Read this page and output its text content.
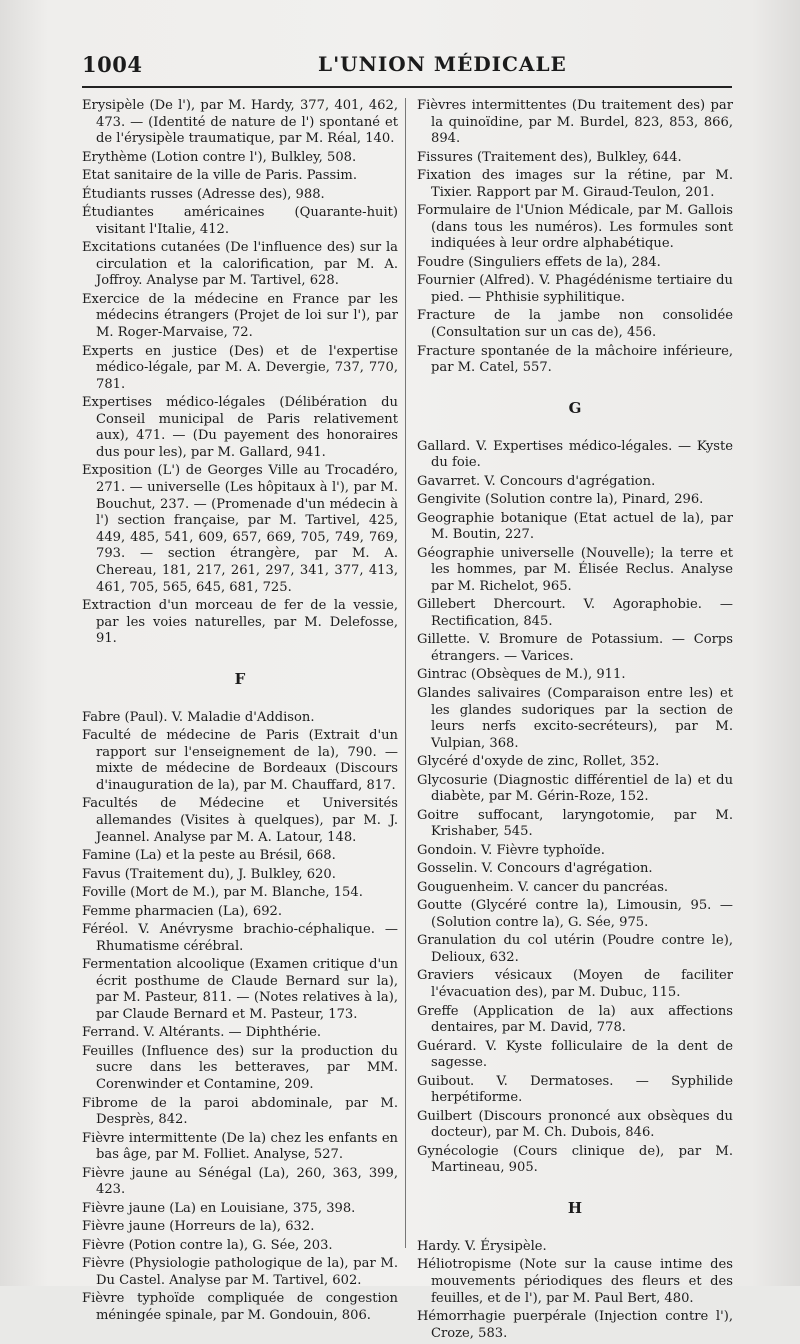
1004	L'UNION MÉDICALE
Erysipèle (De l'), par M. Hardy, 377, 401, 462, 473. — (Identité de nature de l') spontané et de l'érysipèle traumatique, par M. Réal, 140.
Erythème (Lotion contre l'), Bulkley, 508.
Etat sanitaire de la ville de Paris. Passim.
Étudiants russes (Adresse des), 988.
Étudiantes américaines (Quarante-huit) visitant l'Italie, 412.
Excitations cutanées (De l'influence des) sur la circulation et la calorification, par M. A. Joffroy. Analyse par M. Tartivel, 628.
Exercice de la médecine en France par les médecins étrangers (Projet de loi sur l'), par M. Roger-Marvaise, 72.
Experts en justice (Des) et de l'expertise médico-légale, par M. A. Devergie, 737, 770, 781.
Expertises médico-légales (Délibération du Conseil municipal de Paris relativement aux), 471. — (Du payement des honoraires dus pour les), par M. Gallard, 941.
Exposition (L') de Georges Ville au Trocadéro, 271. — universelle (Les hôpitaux à l'), par M. Bouchut, 237. — (Promenade d'un médecin à l') section française, par M. Tartivel, 425, 449, 485, 541, 609, 657, 669, 705, 749, 769, 793. — section étrangère, par M. A. Chereau, 181, 217, 261, 297, 341, 377, 413, 461, 705, 565, 645, 681, 725.
Extraction d'un morceau de fer de la vessie, par les voies naturelles, par M. Delefosse, 91.
F
Fabre (Paul). V. Maladie d'Addison.
Faculté de médecine de Paris (Extrait d'un rapport sur l'enseignement de la), 790. — mixte de médecine de Bordeaux (Discours d'inauguration de la), par M. Chauffard, 817.
Facultés de Médecine et Universités allemandes (Visites à quelques), par M. J. Jeannel. Analyse par M. A. Latour, 148.
Famine (La) et la peste au Brésil, 668.
Favus (Traitement du), J. Bulkley, 620.
Foville (Mort de M.), par M. Blanche, 154.
Femme pharmacien (La), 692.
Féréol. V. Anévrysme brachio-céphalique. — Rhumatisme cérébral.
Fermentation alcoolique (Examen critique d'un écrit posthume de Claude Bernard sur la), par M. Pasteur, 811. — (Notes relatives à la), par Claude Bernard et M. Pasteur, 173.
Ferrand. V. Altérants. — Diphthérie.
Feuilles (Influence des) sur la production du sucre dans les betteraves, par MM. Corenwinder et Contamine, 209.
Fibrome de la paroi abdominale, par M. Desprès, 842.
Fièvre intermittente (De la) chez les enfants en bas âge, par M. Folliet. Analyse, 527.
Fièvre jaune au Sénégal (La), 260, 363, 399, 423.
Fièvre jaune (La) en Louisiane, 375, 398.
Fièvre jaune (Horreurs de la), 632.
Fièvre (Potion contre la), G. Sée, 203.
Fièvre (Physiologie pathologique de la), par M. Du Castel. Analyse par M. Tartivel, 602.
Fièvre typhoïde compliquée de congestion méningée spinale, par M. Gondouin, 806.
Fièvres intermittentes (Du traitement des) par la quinoïdine, par M. Burdel, 823, 853, 866, 894.
Fissures (Traitement des), Bulkley, 644.
Fixation des images sur la rétine, par M. Tixier. Rapport par M. Giraud-Teulon, 201.
Formulaire de l'Union Médicale, par M. Gallois (dans tous les numéros). Les formules sont indiquées à leur ordre alphabétique.
Foudre (Singuliers effets de la), 284.
Fournier (Alfred). V. Phagédénisme tertiaire du pied. — Phthisie syphilitique.
Fracture de la jambe non consolidée (Consultation sur un cas de), 456.
Fracture spontanée de la mâchoire inférieure, par M. Catel, 557.
G
Gallard. V. Expertises médico-légales. — Kyste du foie.
Gavarret. V. Concours d'agrégation.
Gengivite (Solution contre la), Pinard, 296.
Geographie botanique (Etat actuel de la), par M. Boutin, 227.
Géographie universelle (Nouvelle); la terre et les hommes, par M. Élisée Reclus. Analyse par M. Richelot, 965.
Gillebert Dhercourt. V. Agoraphobie. — Rectification, 845.
Gillette. V. Bromure de Potassium. — Corps étrangers. — Varices.
Gintrac (Obsèques de M.), 911.
Glandes salivaires (Comparaison entre les) et les glandes sudoriques par la section de leurs nerfs excito-secréteurs), par M. Vulpian, 368.
Glycéré d'oxyde de zinc, Rollet, 352.
Glycosurie (Diagnostic différentiel de la) et du diabète, par M. Gérin-Roze, 152.
Goitre suffocant, laryngotomie, par M. Krishaber, 545.
Gondoin. V. Fièvre typhoïde.
Gosselin. V. Concours d'agrégation.
Gouguenheim. V. cancer du pancréas.
Goutte (Glycéré contre la), Limousin, 95. — (Solution contre la), G. Sée, 975.
Granulation du col utérin (Poudre contre le), Delioux, 632.
Graviers vésicaux (Moyen de faciliter l'évacuation des), par M. Dubuc, 115.
Greffe (Application de la) aux affections dentaires, par M. David, 778.
Guérard. V. Kyste folliculaire de la dent de sagesse.
Guibout. V. Dermatoses. — Syphilide herpétiforme.
Guilbert (Discours prononcé aux obsèques du docteur), par M. Ch. Dubois, 846.
Gynécologie (Cours clinique de), par M. Martineau, 905.
H
Hardy. V. Érysipèle.
Héliotropisme (Note sur la cause intime des mouvements périodiques des fleurs et des feuilles, et de l'), par M. Paul Bert, 480.
Hémorrhagie puerpérale (Injection contre l'), Croze, 583.
